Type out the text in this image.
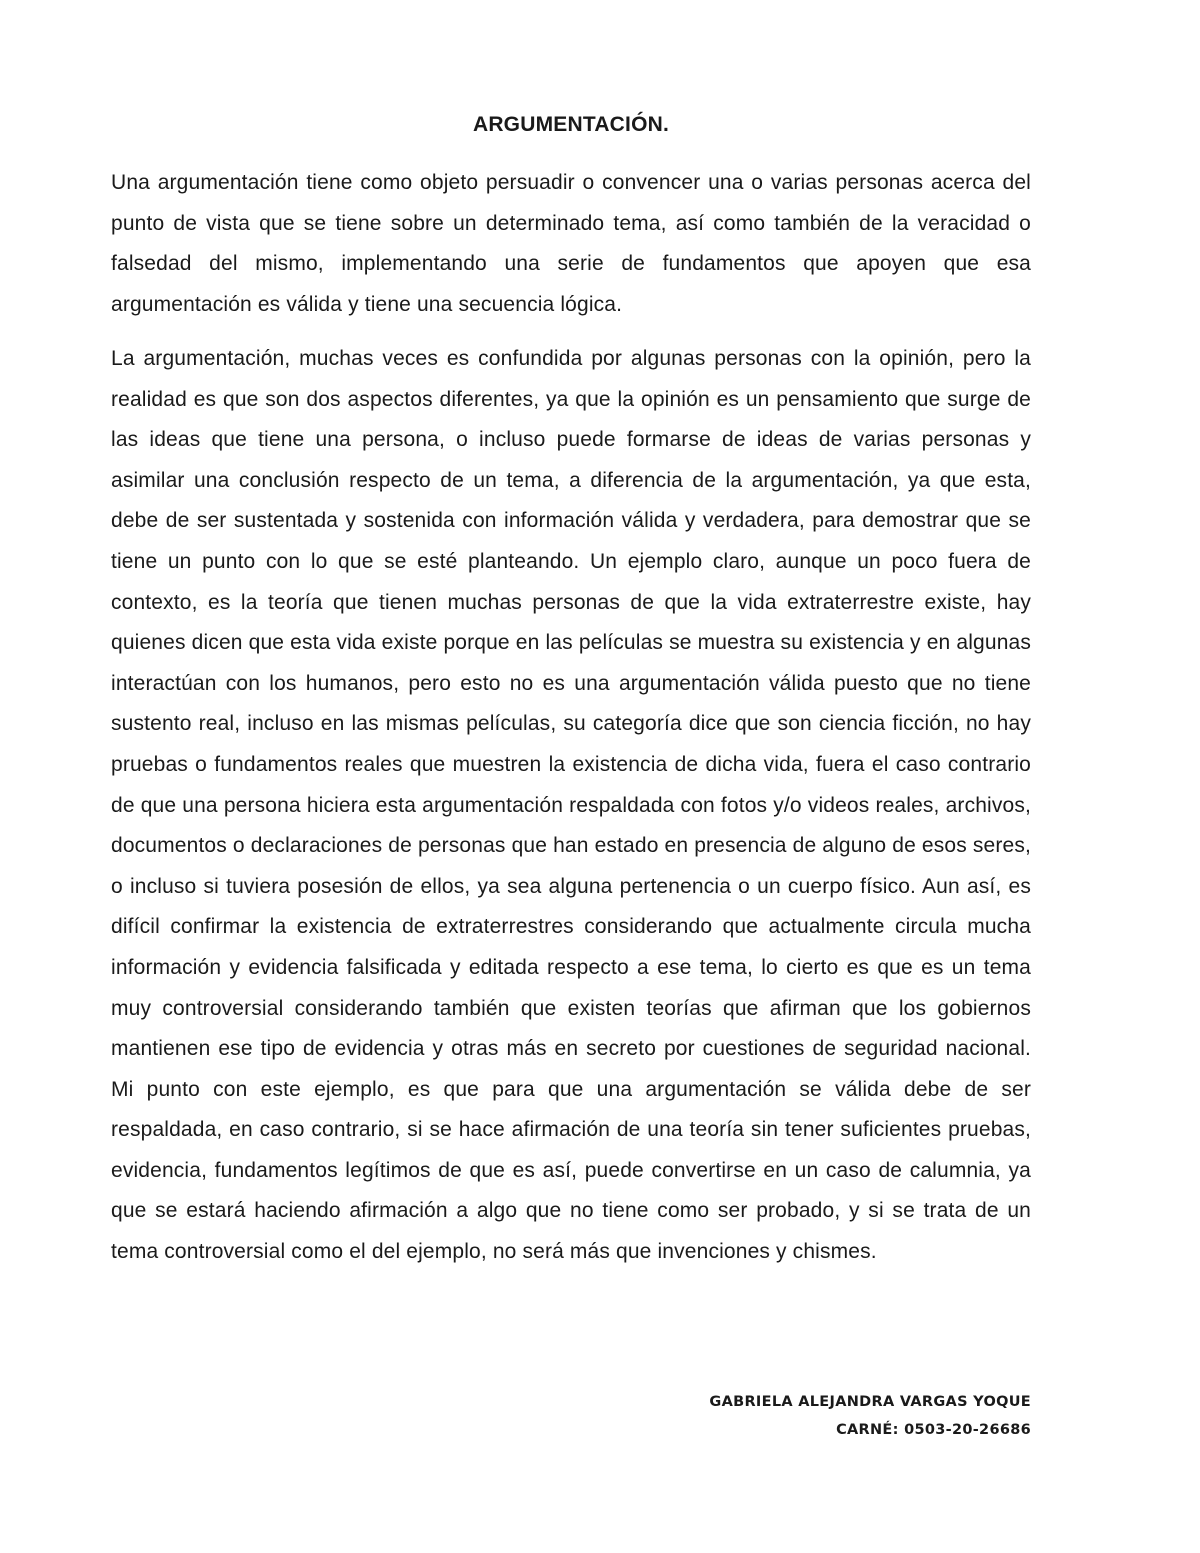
ARGUMENTACIÓN.

Una argumentación tiene como objeto persuadir o convencer una o varias personas acerca del punto de vista que se tiene sobre un determinado tema, así como también de la veracidad o falsedad del mismo, implementando una serie de fundamentos que apoyen que esa argumentación es válida y tiene una secuencia lógica.

La argumentación, muchas veces es confundida por algunas personas con la opinión, pero la realidad es que son dos aspectos diferentes, ya que la opinión es un pensamiento que surge de las ideas que tiene una persona, o incluso puede formarse de ideas de varias personas y asimilar una conclusión respecto de un tema, a diferencia de la argumentación, ya que esta, debe de ser sustentada y sostenida con información válida y verdadera, para demostrar que se tiene un punto con lo que se esté planteando. Un ejemplo claro, aunque un poco fuera de contexto, es la teoría que tienen muchas personas de que la vida extraterrestre existe, hay quienes dicen que esta vida existe porque en las películas se muestra su existencia y en algunas interactúan con los humanos, pero esto no es una argumentación válida puesto que no tiene sustento real, incluso en las mismas películas, su categoría dice que son ciencia ficción, no hay pruebas o fundamentos reales que muestren la existencia de dicha vida, fuera el caso contrario de que una persona hiciera esta argumentación respaldada con fotos y/o videos reales, archivos, documentos o declaraciones de personas que han estado en presencia de alguno de esos seres, o incluso si tuviera posesión de ellos, ya sea alguna pertenencia o un cuerpo físico. Aun así, es difícil confirmar la existencia de extraterrestres considerando que actualmente circula mucha información y evidencia falsificada y editada respecto a ese tema, lo cierto es que es un tema muy controversial considerando también que existen teorías que afirman que los gobiernos mantienen ese tipo de evidencia y otras más en secreto por cuestiones de seguridad nacional. Mi punto con este ejemplo, es que para que una argumentación se válida debe de ser respaldada, en caso contrario, si se hace afirmación de una teoría sin tener suficientes pruebas, evidencia, fundamentos legítimos de que es así, puede convertirse en un caso de calumnia, ya que se estará haciendo afirmación a algo que no tiene como ser probado, y si se trata de un tema controversial como el del ejemplo, no será más que invenciones y chismes.

GABRIELA ALEJANDRA VARGAS YOQUE
CARNÉ: 0503-20-26686
